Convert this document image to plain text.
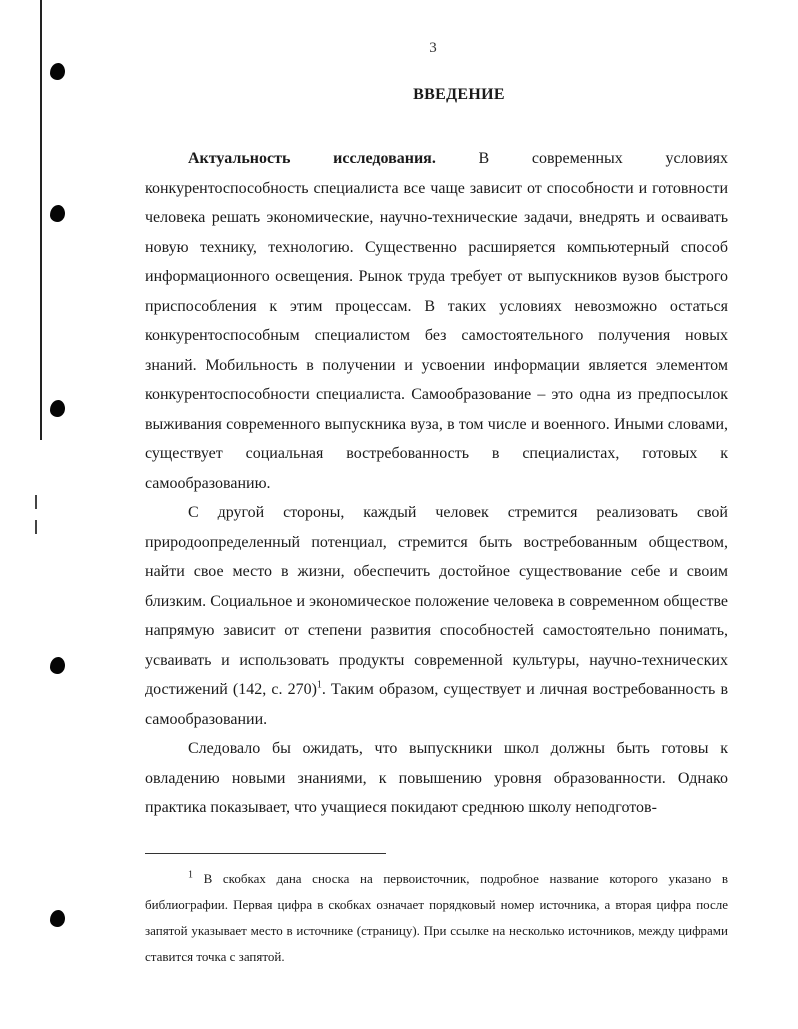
3
ВВЕДЕНИЕ

Актуальность исследования. В современных условиях конкурентоспособность специалиста все чаще зависит от способности и готовности человека решать экономические, научно-технические задачи, внедрять и осваивать новую технику, технологию. Существенно расширяется компьютерный способ информационного освещения. Рынок труда требует от выпускников вузов быстрого приспособления к этим процессам. В таких условиях невозможно остаться конкурентоспособным специалистом без самостоятельного получения новых знаний. Мобильность в получении и усвоении информации является элементом конкурентоспособности специалиста. Самообразование – это одна из предпосылок выживания современного выпускника вуза, в том числе и военного. Иными словами, существует социальная востребованность в специалистах, готовых к самообразованию.

С другой стороны, каждый человек стремится реализовать свой природоопределенный потенциал, стремится быть востребованным обществом, найти свое место в жизни, обеспечить достойное существование себе и своим близким. Социальное и экономическое положение человека в современном обществе напрямую зависит от степени развития способностей самостоятельно понимать, усваивать и использовать продукты современной культуры, научно-технических достижений (142, с. 270)$^1$. Таким образом, существует и личная востребованность в самообразовании.

Следовало бы ожидать, что выпускники школ должны быть готовы к овладению новыми знаниями, к повышению уровня образованности. Однако практика показывает, что учащиеся покидают среднюю школу неподготов-

$^1$ В скобках дана сноска на первоисточник, подробное название которого указано в библиографии. Первая цифра в скобках означает порядковый номер источника, а вторая цифра после запятой указывает место в источнике (страницу). При ссылке на несколько источников, между цифрами ставится точка с запятой.
